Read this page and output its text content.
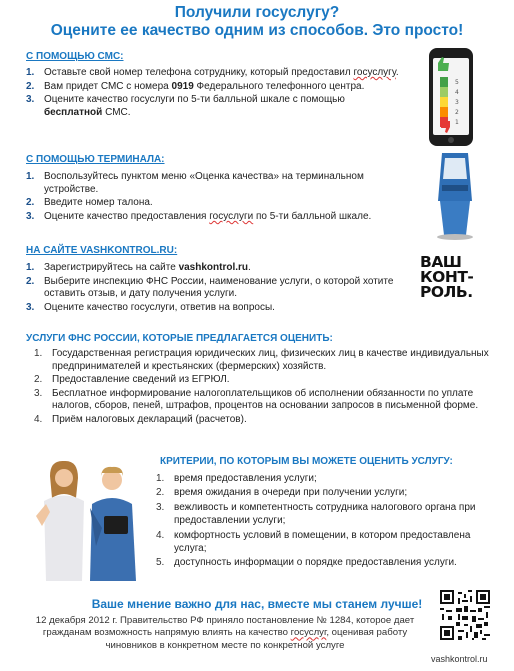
Получили госуслугу?
Оцените ее качество одним из способов. Это просто!
С ПОМОЩЬЮ СМС:
1. Оставьте свой номер телефона сотруднику, который предоставил госуслугу.
2. Вам придет СМС с номера 0919 Федерального телефонного центра.
3. Оцените качество госуслуги по 5-ти балльной шкале с помощью бесплатной СМС.
5
4
3
2
1
С ПОМОЩЬЮ ТЕРМИНАЛА:
1. Воспользуйтесь пунктом меню «Оценка качества» на терминальном устройстве.
2. Введите номер талона.
3. Оцените качество предоставления госуслуги по 5-ти балльной шкале.
НА САЙТЕ VASHKONTROL.RU:
1. Зарегистрируйтесь на сайте vashkontrol.ru.
2. Выберите инспекцию ФНС России, наименование услуги, о которой хотите оставить отзыв, и дату получения услуги.
3. Оцените качество госуслуги, ответив на вопросы.
ВАШ
КОНТ-
РОЛЬ.
УСЛУГИ ФНС РОССИИ, КОТОРЫЕ ПРЕДЛАГАЕТСЯ ОЦЕНИТЬ:
1. Государственная регистрация юридических лиц, физических лиц в качестве индивидуальных предпринимателей и крестьянских (фермерских) хозяйств.
2. Предоставление сведений из ЕГРЮЛ.
3. Бесплатное информирование налогоплательщиков об исполнении обязанности по уплате налогов, сборов, пеней, штрафов, процентов на основании запросов в письменной форме.
4. Приём налоговых деклараций (расчетов).
КРИТЕРИИ, ПО КОТОРЫМ ВЫ МОЖЕТЕ ОЦЕНИТЬ УСЛУГУ:
1. время предоставления услуги;
2. время ожидания в очереди при получении услуги;
3. вежливость и компетентность сотрудника налогового органа при предоставлении услуги;
4. комфортность условий в помещении, в котором предоставлена услуга;
5. доступность информации о порядке предоставления услуги.
Ваше мнение важно для нас, вместе мы станем лучше!
12 декабря 2012 г. Правительство РФ приняло постановление № 1284, которое дает гражданам возможность напрямую влиять на качество госуслуг, оценивая работу чиновников в конкретном месте по конкретной услуге
vashkontrol.ru
